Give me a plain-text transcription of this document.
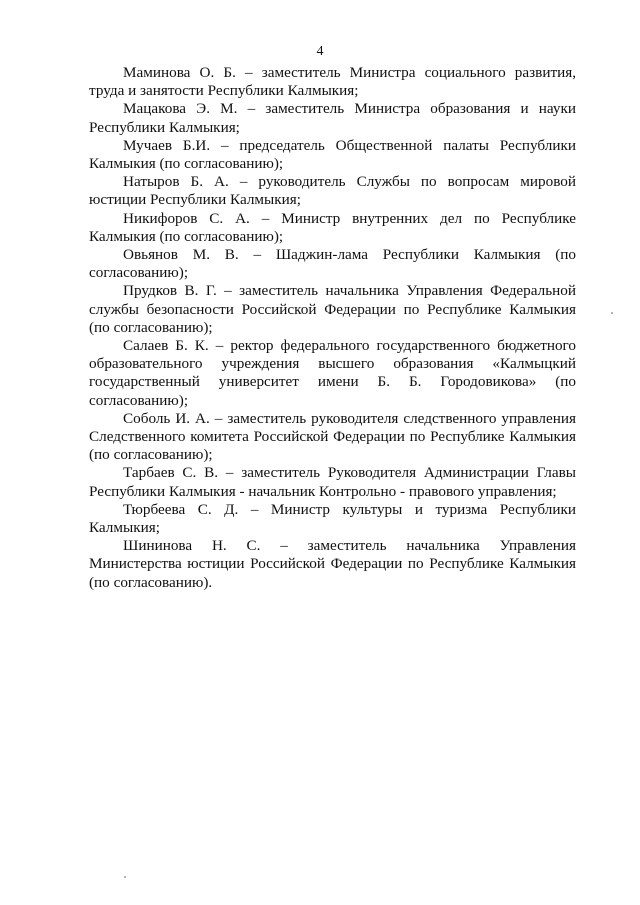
4

Маминова О. Б. – заместитель Министра социального развития, труда и занятости Республики Калмыкия;

Мацакова Э. М. – заместитель Министра образования и науки Республики Калмыкия;

Мучаев Б.И. – председатель Общественной палаты Республики Калмыкия (по согласованию);

Натыров Б. А. – руководитель Службы по вопросам мировой юстиции Республики Калмыкия;

Никифоров С. А. – Министр внутренних дел по Республике Калмыкия (по согласованию);

Овьянов М. В. – Шаджин-лама Республики Калмыкия (по согласованию);

Прудков В. Г. – заместитель начальника Управления Федеральной службы безопасности Российской Федерации по Республике Калмыкия (по согласованию);

Салаев Б. К. – ректор федерального государственного бюджетного образовательного учреждения высшего образования «Калмыцкий государственный университет имени Б. Б. Городовикова» (по согласованию);

Соболь И. А. – заместитель руководителя следственного управления Следственного комитета Российской Федерации по Республике Калмыкия (по согласованию);

Тарбаев С. В. – заместитель Руководителя Администрации Главы Республики Калмыкия - начальник Контрольно - правового управления;

Тюрбеева С. Д. – Министр культуры и туризма Республики Калмыкия;

Шининова Н. С. – заместитель начальника Управления Министерства юстиции Российской Федерации по Республике Калмыкия (по согласованию).
